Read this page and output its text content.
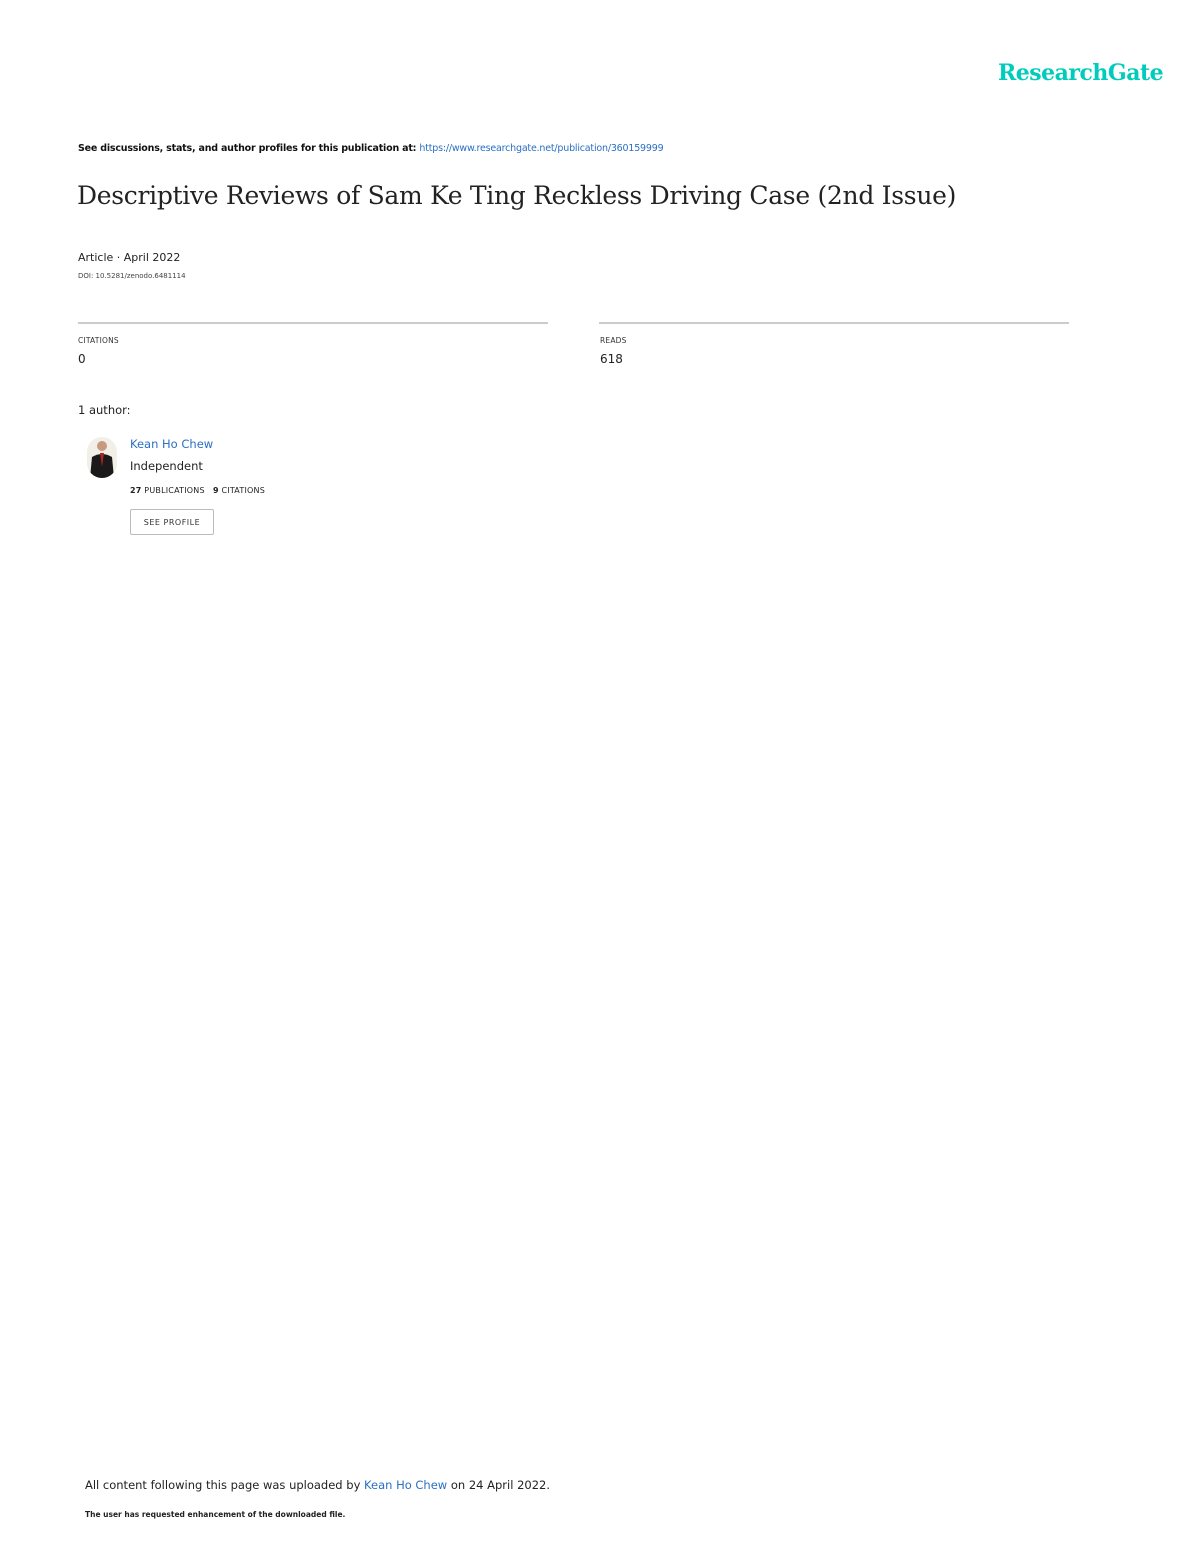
ResearchGate
See discussions, stats, and author profiles for this publication at: https://www.researchgate.net/publication/360159999
Descriptive Reviews of Sam Ke Ting Reckless Driving Case (2nd Issue)
Article · April 2022
DOI: 10.5281/zenodo.6481114
CITATIONS
0
READS
618
1 author:
Kean Ho Chew
Independent
27 PUBLICATIONS 9 CITATIONS
SEE PROFILE
All content following this page was uploaded by Kean Ho Chew on 24 April 2022.
The user has requested enhancement of the downloaded file.
